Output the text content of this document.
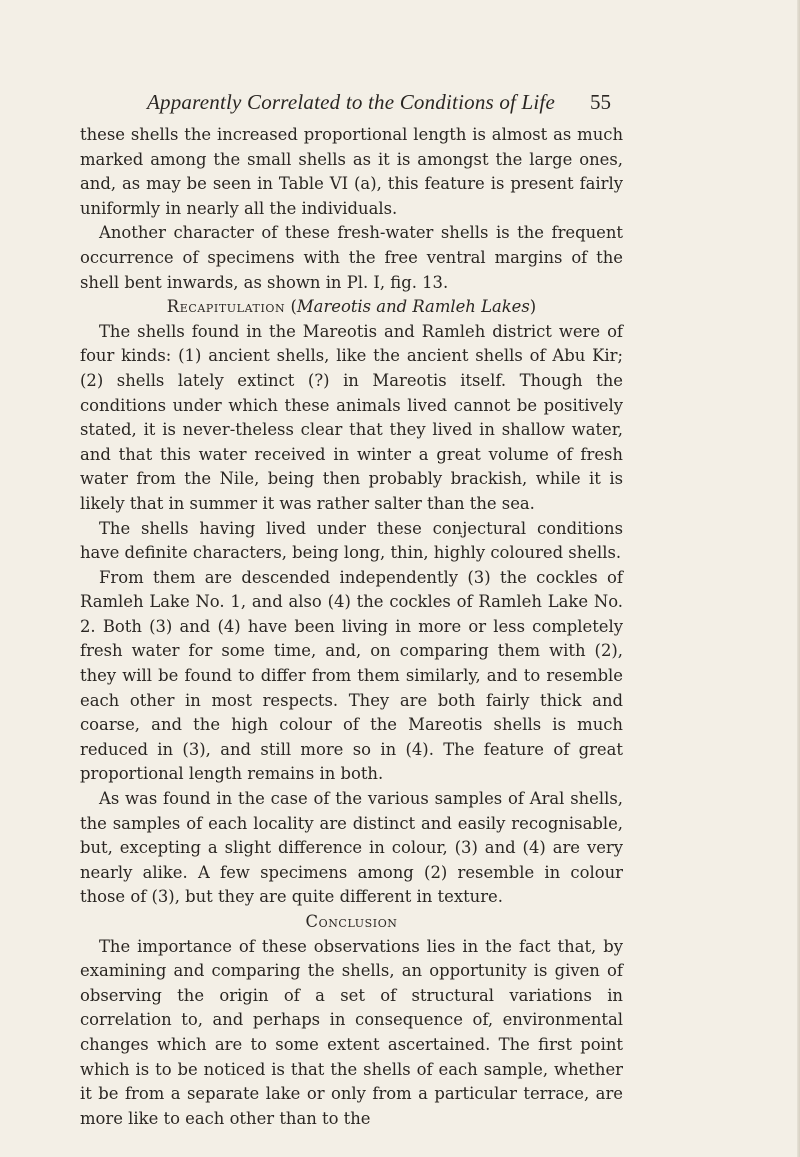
Apparently Correlated to the Conditions of Life 55

these shells the increased proportional length is almost as much marked among the small shells as it is amongst the large ones, and, as may be seen in Table VI (a), this feature is present fairly uniformly in nearly all the individuals.

Another character of these fresh-water shells is the frequent occurrence of specimens with the free ventral margins of the shell bent inwards, as shown in Pl. I, fig. 13.

Recapitulation (Mareotis and Ramleh Lakes)

The shells found in the Mareotis and Ramleh district were of four kinds: (1) ancient shells, like the ancient shells of Abu Kir; (2) shells lately extinct (?) in Mareotis itself. Though the conditions under which these animals lived cannot be positively stated, it is never-theless clear that they lived in shallow water, and that this water received in winter a great volume of fresh water from the Nile, being then probably brackish, while it is likely that in summer it was rather salter than the sea.

The shells having lived under these conjectural conditions have definite characters, being long, thin, highly coloured shells.

From them are descended independently (3) the cockles of Ramleh Lake No. 1, and also (4) the cockles of Ramleh Lake No. 2. Both (3) and (4) have been living in more or less completely fresh water for some time, and, on comparing them with (2), they will be found to differ from them similarly, and to resemble each other in most respects. They are both fairly thick and coarse, and the high colour of the Mareotis shells is much reduced in (3), and still more so in (4). The feature of great proportional length remains in both.

As was found in the case of the various samples of Aral shells, the samples of each locality are distinct and easily recognisable, but, excepting a slight difference in colour, (3) and (4) are very nearly alike. A few specimens among (2) resemble in colour those of (3), but they are quite different in texture.

Conclusion

The importance of these observations lies in the fact that, by examining and comparing the shells, an opportunity is given of observing the origin of a set of structural variations in correlation to, and perhaps in consequence of, environmental changes which are to some extent ascertained. The first point which is to be noticed is that the shells of each sample, whether it be from a separate lake or only from a particular terrace, are more like to each other than to the
